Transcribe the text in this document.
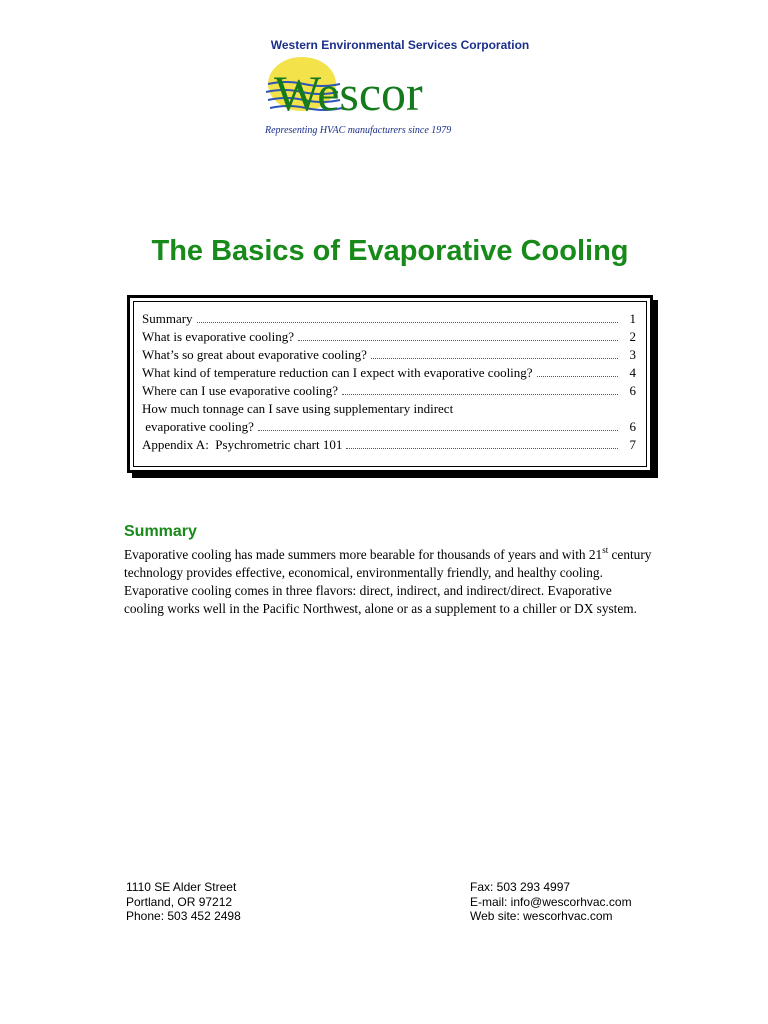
Western Environmental Services Corporation
Wescor
Representing HVAC manufacturers since 1979
The Basics of Evaporative Cooling
Summary	1
What is evaporative cooling?	2
What’s so great about evaporative cooling?	3
What kind of temperature reduction can I expect with evaporative cooling?	4
Where can I use evaporative cooling?	6
How much tonnage can I save using supplementary indirect
evaporative cooling?	6
Appendix A:  Psychrometric chart 101	7
Summary
Evaporative cooling has made summers more bearable for thousands of years and with 21st century technology provides effective, economical, environmentally friendly, and healthy cooling. Evaporative cooling comes in three flavors: direct, indirect, and indirect/direct. Evaporative cooling works well in the Pacific Northwest, alone or as a supplement to a chiller or DX system.
1110 SE Alder Street
Portland, OR 97212
Phone: 503 452 2498
Fax: 503 293 4997
E-mail: info@wescorhvac.com
Web site: wescorhvac.com
